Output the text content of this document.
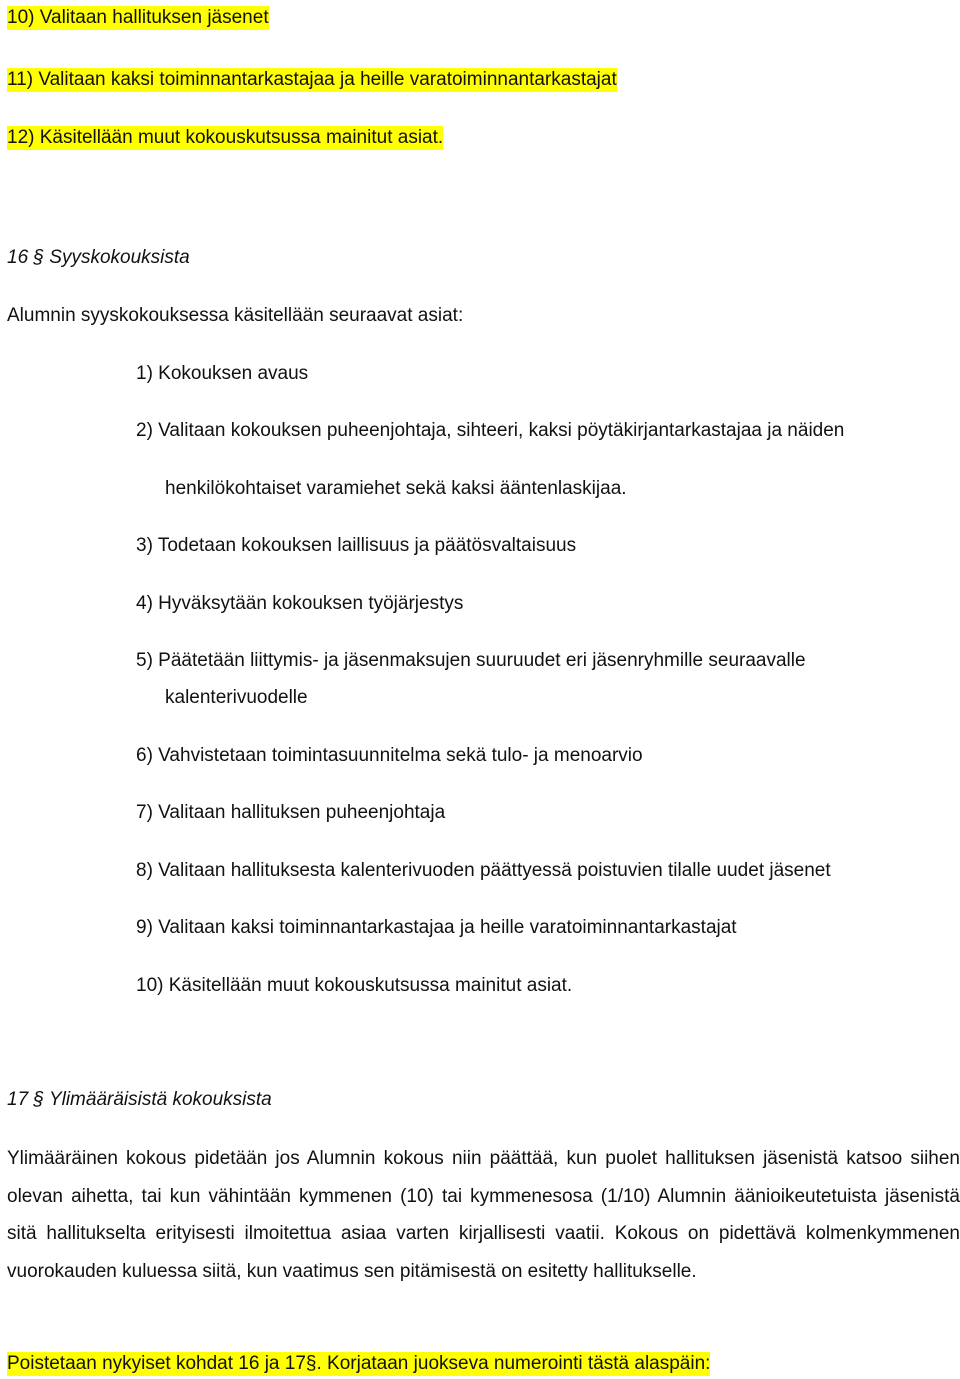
10) Valitaan hallituksen jäsenet
11) Valitaan kaksi toiminnantarkastajaa ja heille varatoiminnantarkastajat
12) Käsitellään muut kokouskutsussa mainitut asiat.
16 § Syyskokouksista
Alumnin syyskokouksessa käsitellään seuraavat asiat:
1) Kokouksen avaus
2) Valitaan kokouksen puheenjohtaja, sihteeri, kaksi pöytäkirjantarkastajaa ja näiden
henkilökohtaiset varamiehet sekä kaksi ääntenlaskijaa.
3) Todetaan kokouksen laillisuus ja päätösvaltaisuus
4) Hyväksytään kokouksen työjärjestys
5) Päätetään liittymis- ja jäsenmaksujen suuruudet eri jäsenryhmille seuraavalle
kalenterivuodelle
6) Vahvistetaan toimintasuunnitelma sekä tulo- ja menoarvio
7) Valitaan hallituksen puheenjohtaja
8) Valitaan hallituksesta kalenterivuoden päättyessä poistuvien tilalle uudet jäsenet
9) Valitaan kaksi toiminnantarkastajaa ja heille varatoiminnantarkastajat
10) Käsitellään muut kokouskutsussa mainitut asiat.
17 § Ylimääräisistä kokouksista

Ylimääräinen kokous pidetään jos Alumnin kokous niin päättää, kun puolet hallituksen jäsenistä katsoo siihen olevan aihetta, tai kun vähintään kymmenen (10) tai kymmenesosa (1/10) Alumnin äänioikeutetuista jäsenistä sitä hallitukselta erityisesti ilmoitettua asiaa varten kirjallisesti vaatii. Kokous on pidettävä kolmenkymmenen vuorokauden kuluessa siitä, kun vaatimus sen pitämisestä on esitetty hallitukselle.

Poistetaan nykyiset kohdat 16 ja 17§. Korjataan juokseva numerointi tästä alaspäin:
